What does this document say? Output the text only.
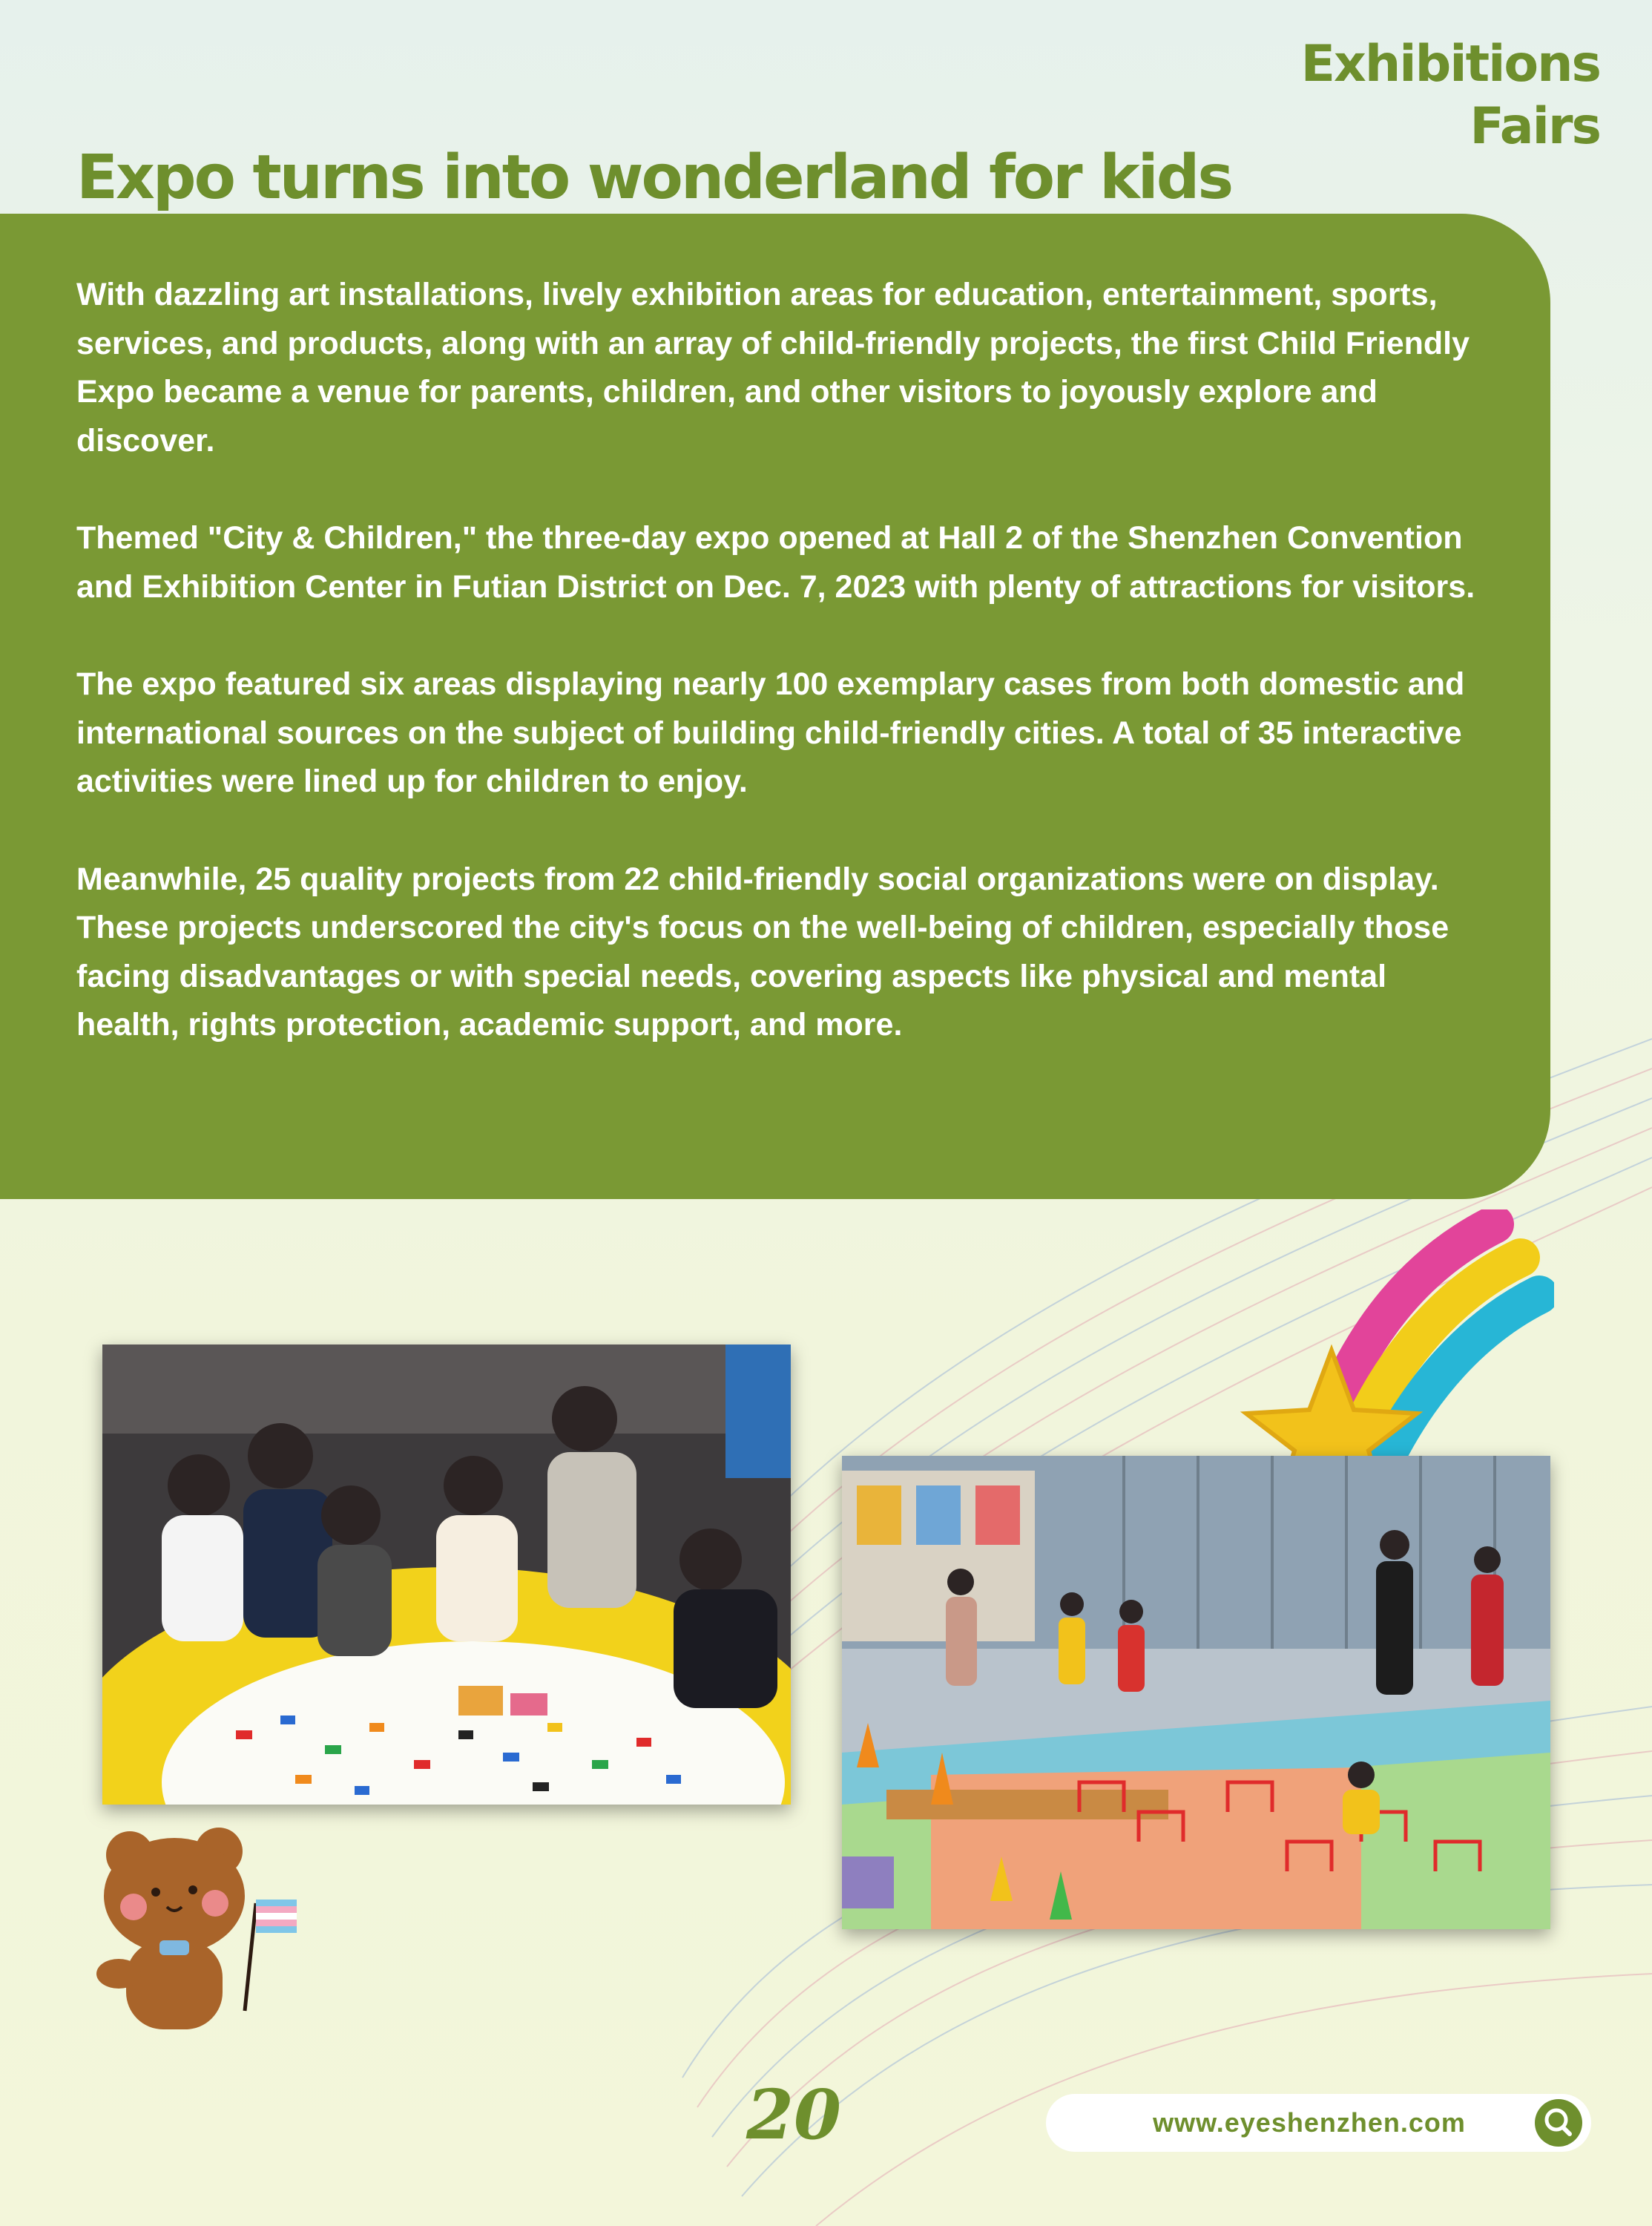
Exhibitions
Fairs
Expo turns into wonderland for kids

With dazzling art installations, lively exhibition areas for education, entertainment, sports, services, and products, along with an array of child-friendly projects, the first Child Friendly Expo became a venue for parents, children, and other visitors to joyously explore and discover.

Themed "City & Children," the three-day expo opened at Hall 2 of the Shenzhen Convention and Exhibition Center in Futian District on Dec. 7, 2023 with plenty of attractions for visitors.

The expo featured six areas displaying nearly 100 exemplary cases from both domestic and international sources on the subject of building child-friendly cities. A total of 35 interactive activities were lined up for children to enjoy.

Meanwhile, 25 quality projects from 22 child-friendly social organizations were on display. These projects underscored the city's focus on the well-being of children, especially those facing disadvantages or with special needs, covering aspects like physical and mental health, rights protection, academic support, and more.

20	www.eyeshenzhen.com
